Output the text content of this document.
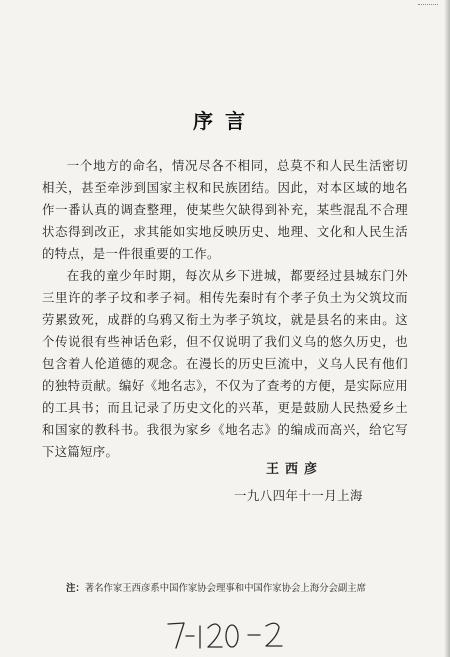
序言

一个地方的命名，情况尽各不相同，总莫不和人民生活密切相关，甚至牵涉到国家主权和民族团结。因此，对本区域的地名作一番认真的调查整理，使某些欠缺得到补充，某些混乱不合理状态得到改正，求其能如实地反映历史、地理、文化和人民生活的特点，是一件很重要的工作。

在我的童少年时期，每次从乡下进城，都要经过县城东门外三里许的孝子坟和孝子祠。相传先秦时有个孝子负土为父筑坟而劳累致死，成群的乌鸦又衔土为孝子筑坟，就是县名的来由。这个传说很有些神话色彩，但不仅说明了我们义乌的悠久历史，也包含着人伦道德的观念。在漫长的历史巨流中，义乌人民有他们的独特贡献。编好《地名志》，不仅为了查考的方便，是实际应用的工具书；而且记录了历史文化的兴革，更是鼓励人民热爱乡土和国家的教科书。我很为家乡《地名志》的编成而高兴，给它写下这篇短序。

王西彦
一九八四年十一月上海
注：著名作家王西彦系中国作家协会理事和中国作家协会上海分会副主席
